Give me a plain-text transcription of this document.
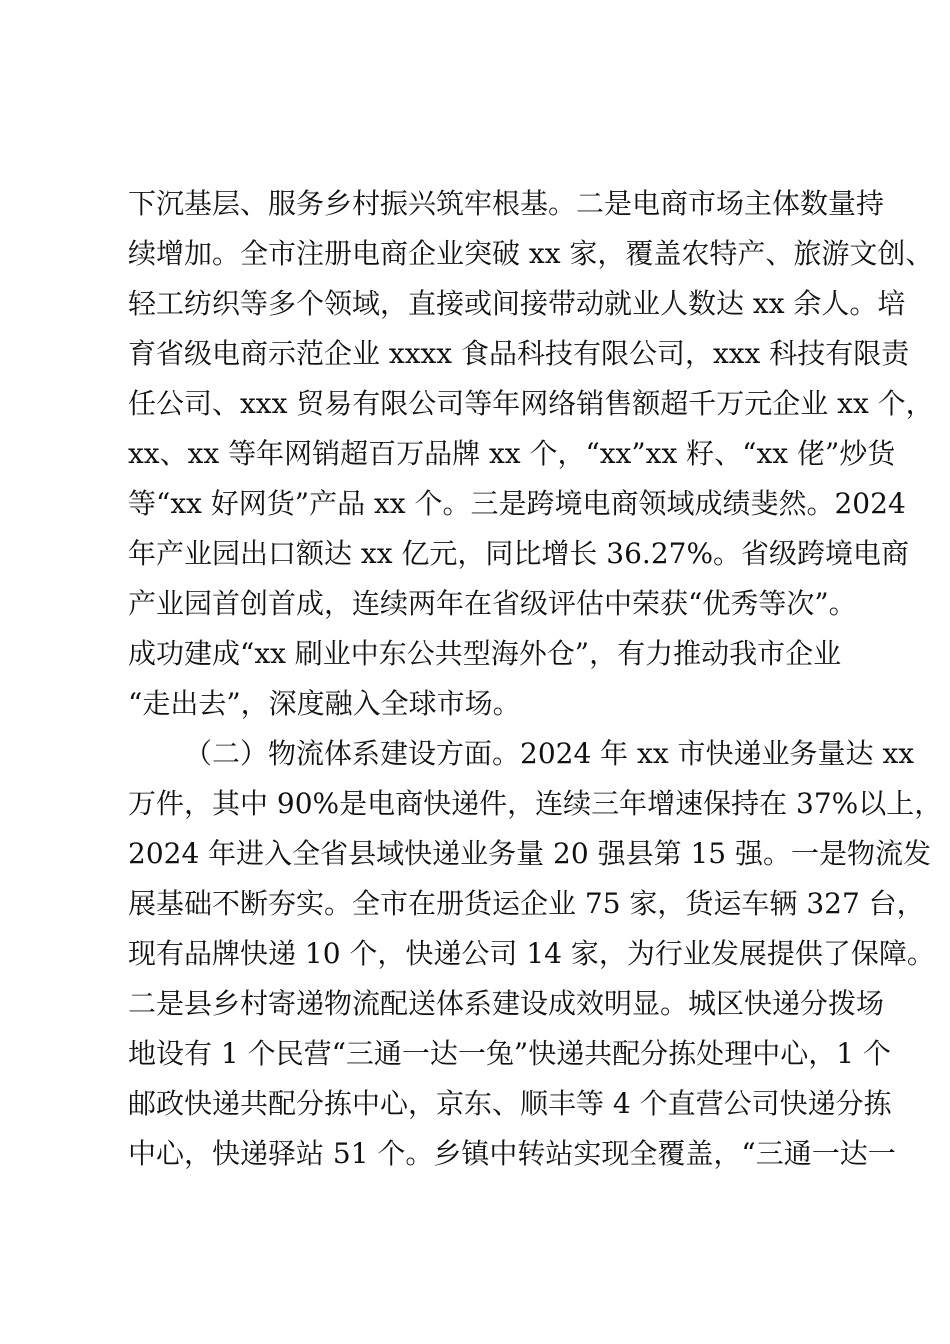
下沉基层、服务乡村振兴筑牢根基。二是电商市场主体数量持
续增加。全市注册电商企业突破 xx 家，覆盖农特产、旅游文创、
轻工纺织等多个领域，直接或间接带动就业人数达 xx 余人。培
育省级电商示范企业 xxxx 食品科技有限公司，xxx 科技有限责
任公司、xxx 贸易有限公司等年网络销售额超千万元企业 xx 个，
xx、xx 等年网销超百万品牌 xx 个，“xx”xx 籽、“xx 佬”炒货
等“xx 好网货”产品 xx 个。三是跨境电商领域成绩斐然。2024
年产业园出口额达 xx 亿元，同比增长 36.27%。省级跨境电商
产业园首创首成，连续两年在省级评估中荣获“优秀等次”。
成功建成“xx 刷业中东公共型海外仓”，有力推动我市企业
“走出去”，深度融入全球市场。
（二）物流体系建设方面。2024 年 xx 市快递业务量达 xx
万件，其中 90%是电商快递件，连续三年增速保持在 37%以上，
2024 年进入全省县域快递业务量 20 强县第 15 强。一是物流发
展基础不断夯实。全市在册货运企业 75 家，货运车辆 327 台，
现有品牌快递 10 个，快递公司 14 家，为行业发展提供了保障。
二是县乡村寄递物流配送体系建设成效明显。城区快递分拨场
地设有 1 个民营“三通一达一兔”快递共配分拣处理中心，1 个
邮政快递共配分拣中心，京东、顺丰等 4 个直营公司快递分拣
中心，快递驿站 51 个。乡镇中转站实现全覆盖，“三通一达一
